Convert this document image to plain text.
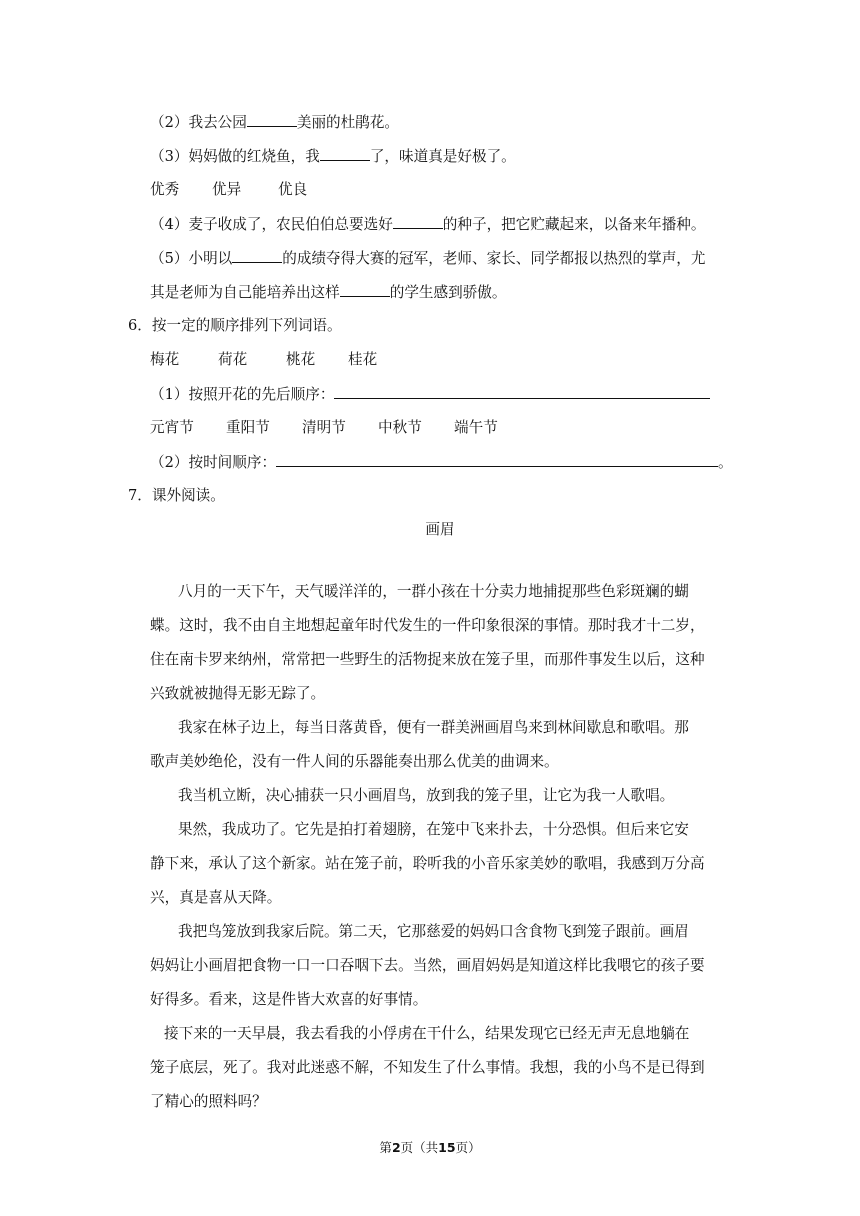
（2）我去公园	美丽的杜鹃花。
（3）妈妈做的红烧鱼，我	了，味道真是好极了。
优秀 优异	优良
（4）麦子收成了，农民伯伯总要选好	的种子，把它贮藏起来，以备来年播种。
（5）小明以	的成绩夺得大赛的冠军，老师、家长、同学都报以热烈的掌声，尤
其是老师为自己能培养出这样	的学生感到骄傲。
6．按一定的顺序排列下列词语。
梅花	荷花	桃花 桂花
（1）按照开花的先后顺序：
元宵节 重阳节 清明节 中秋节 端午节
（2）按时间顺序：	。
7．课外阅读。
画眉
八月的一天下午，天气暖洋洋的，一群小孩在十分卖力地捕捉那些色彩斑斓的蝴
蝶。这时，我不由自主地想起童年时代发生的一件印象很深的事情。那时我才十二岁，
住在南卡罗来纳州，常常把一些野生的活物捉来放在笼子里，而那件事发生以后，这种
兴致就被抛得无影无踪了。
我家在林子边上，每当日落黄昏，便有一群美洲画眉鸟来到林间歇息和歌唱。那
歌声美妙绝伦，没有一件人间的乐器能奏出那么优美的曲调来。
我当机立断，决心捕获一只小画眉鸟，放到我的笼子里，让它为我一人歌唱。
果然，我成功了。它先是拍打着翅膀，在笼中飞来扑去，十分恐惧。但后来它安
静下来，承认了这个新家。站在笼子前，聆听我的小音乐家美妙的歌唱，我感到万分高
兴，真是喜从天降。
我把鸟笼放到我家后院。第二天，它那慈爱的妈妈口含食物飞到笼子跟前。画眉
妈妈让小画眉把食物一口一口吞咽下去。当然，画眉妈妈是知道这样比我喂它的孩子要
好得多。看来，这是件皆大欢喜的好事情。
接下来的一天早晨，我去看我的小俘虏在干什么，结果发现它已经无声无息地躺在
笼子底层，死了。我对此迷惑不解，不知发生了什么事情。我想，我的小鸟不是已得到
了精心的照料吗？
第2页（共15页）
